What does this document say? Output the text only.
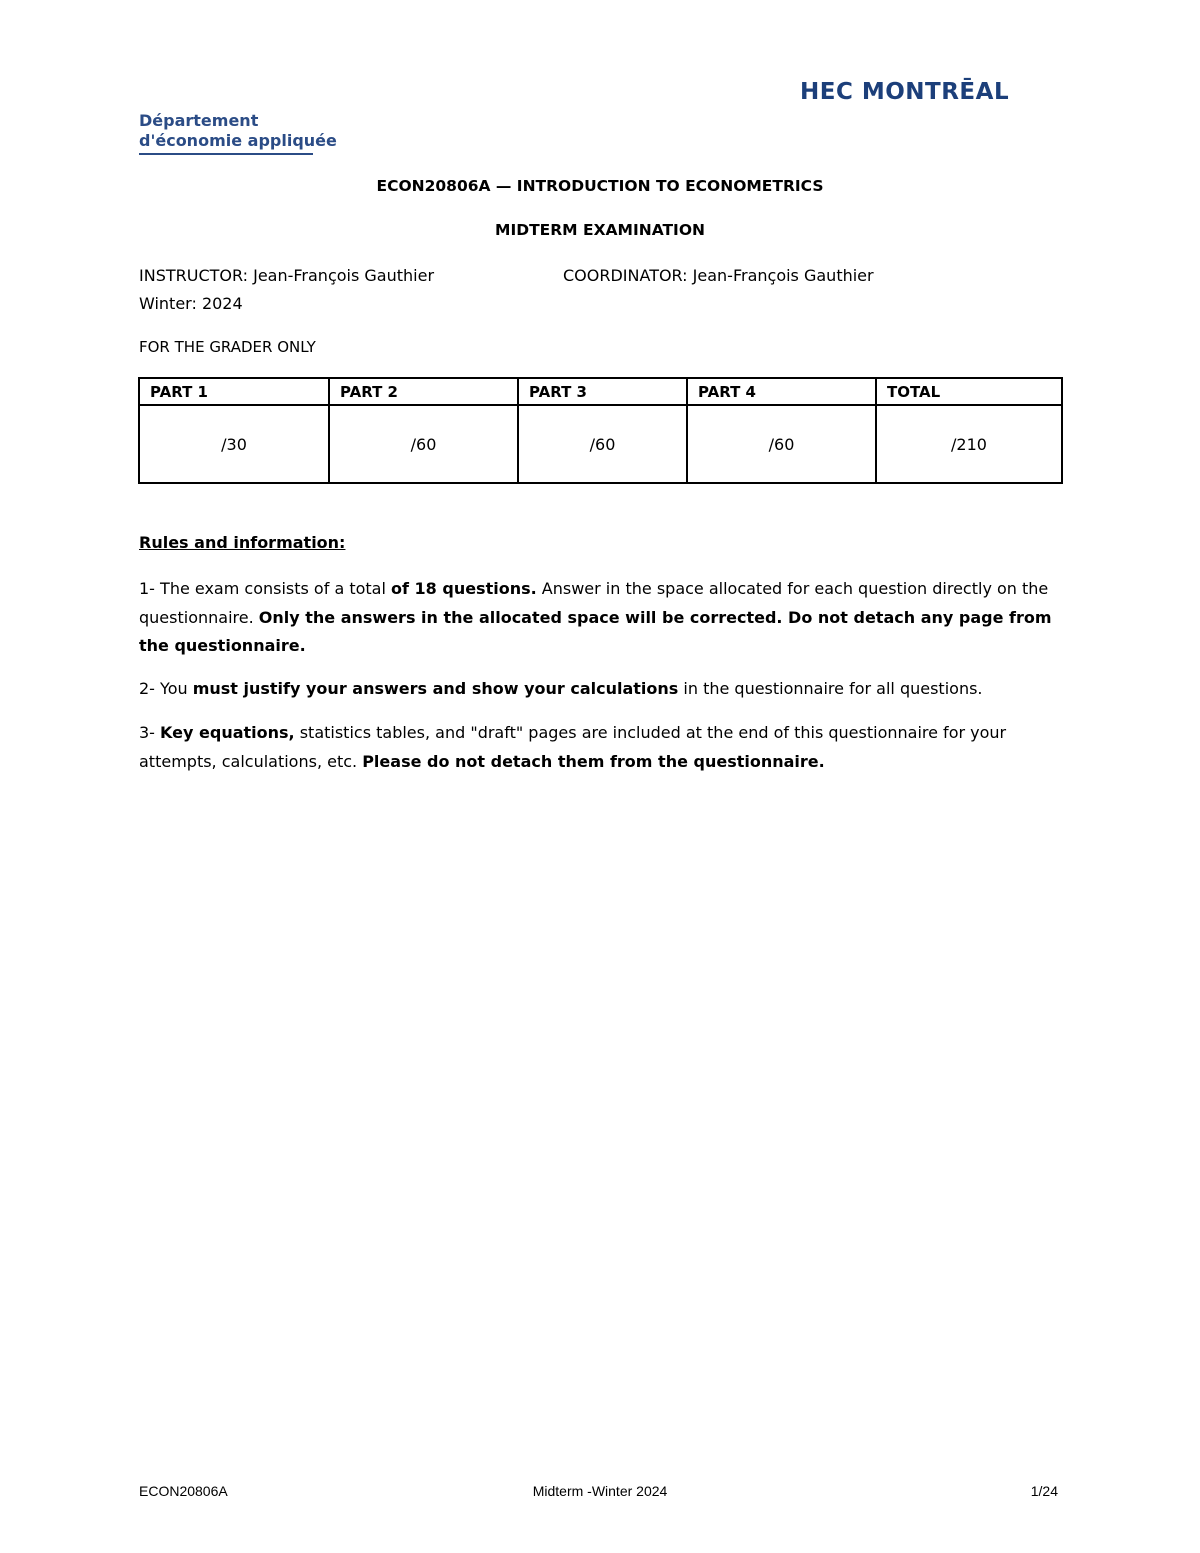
Département
d'économie appliquée
HEC MONTRĒAL
ECON20806A — INTRODUCTION TO ECONOMETRICS
MIDTERM EXAMINATION
INSTRUCTOR: Jean-François Gauthier	COORDINATOR: Jean-François Gauthier
Winter: 2024
FOR THE GRADER ONLY
PART 1	PART 2	PART 3	PART 4	TOTAL
/30	/60	/60	/60	/210
Rules and information:
1- The exam consists of a total of 18 questions. Answer in the space allocated for each question directly on the questionnaire. Only the answers in the allocated space will be corrected. Do not detach any page from the questionnaire.
2- You must justify your answers and show your calculations in the questionnaire for all questions.
3- Key equations, statistics tables, and "draft" pages are included at the end of this questionnaire for your attempts, calculations, etc. Please do not detach them from the questionnaire.
ECON20806A	Midterm -Winter 2024	1/24
